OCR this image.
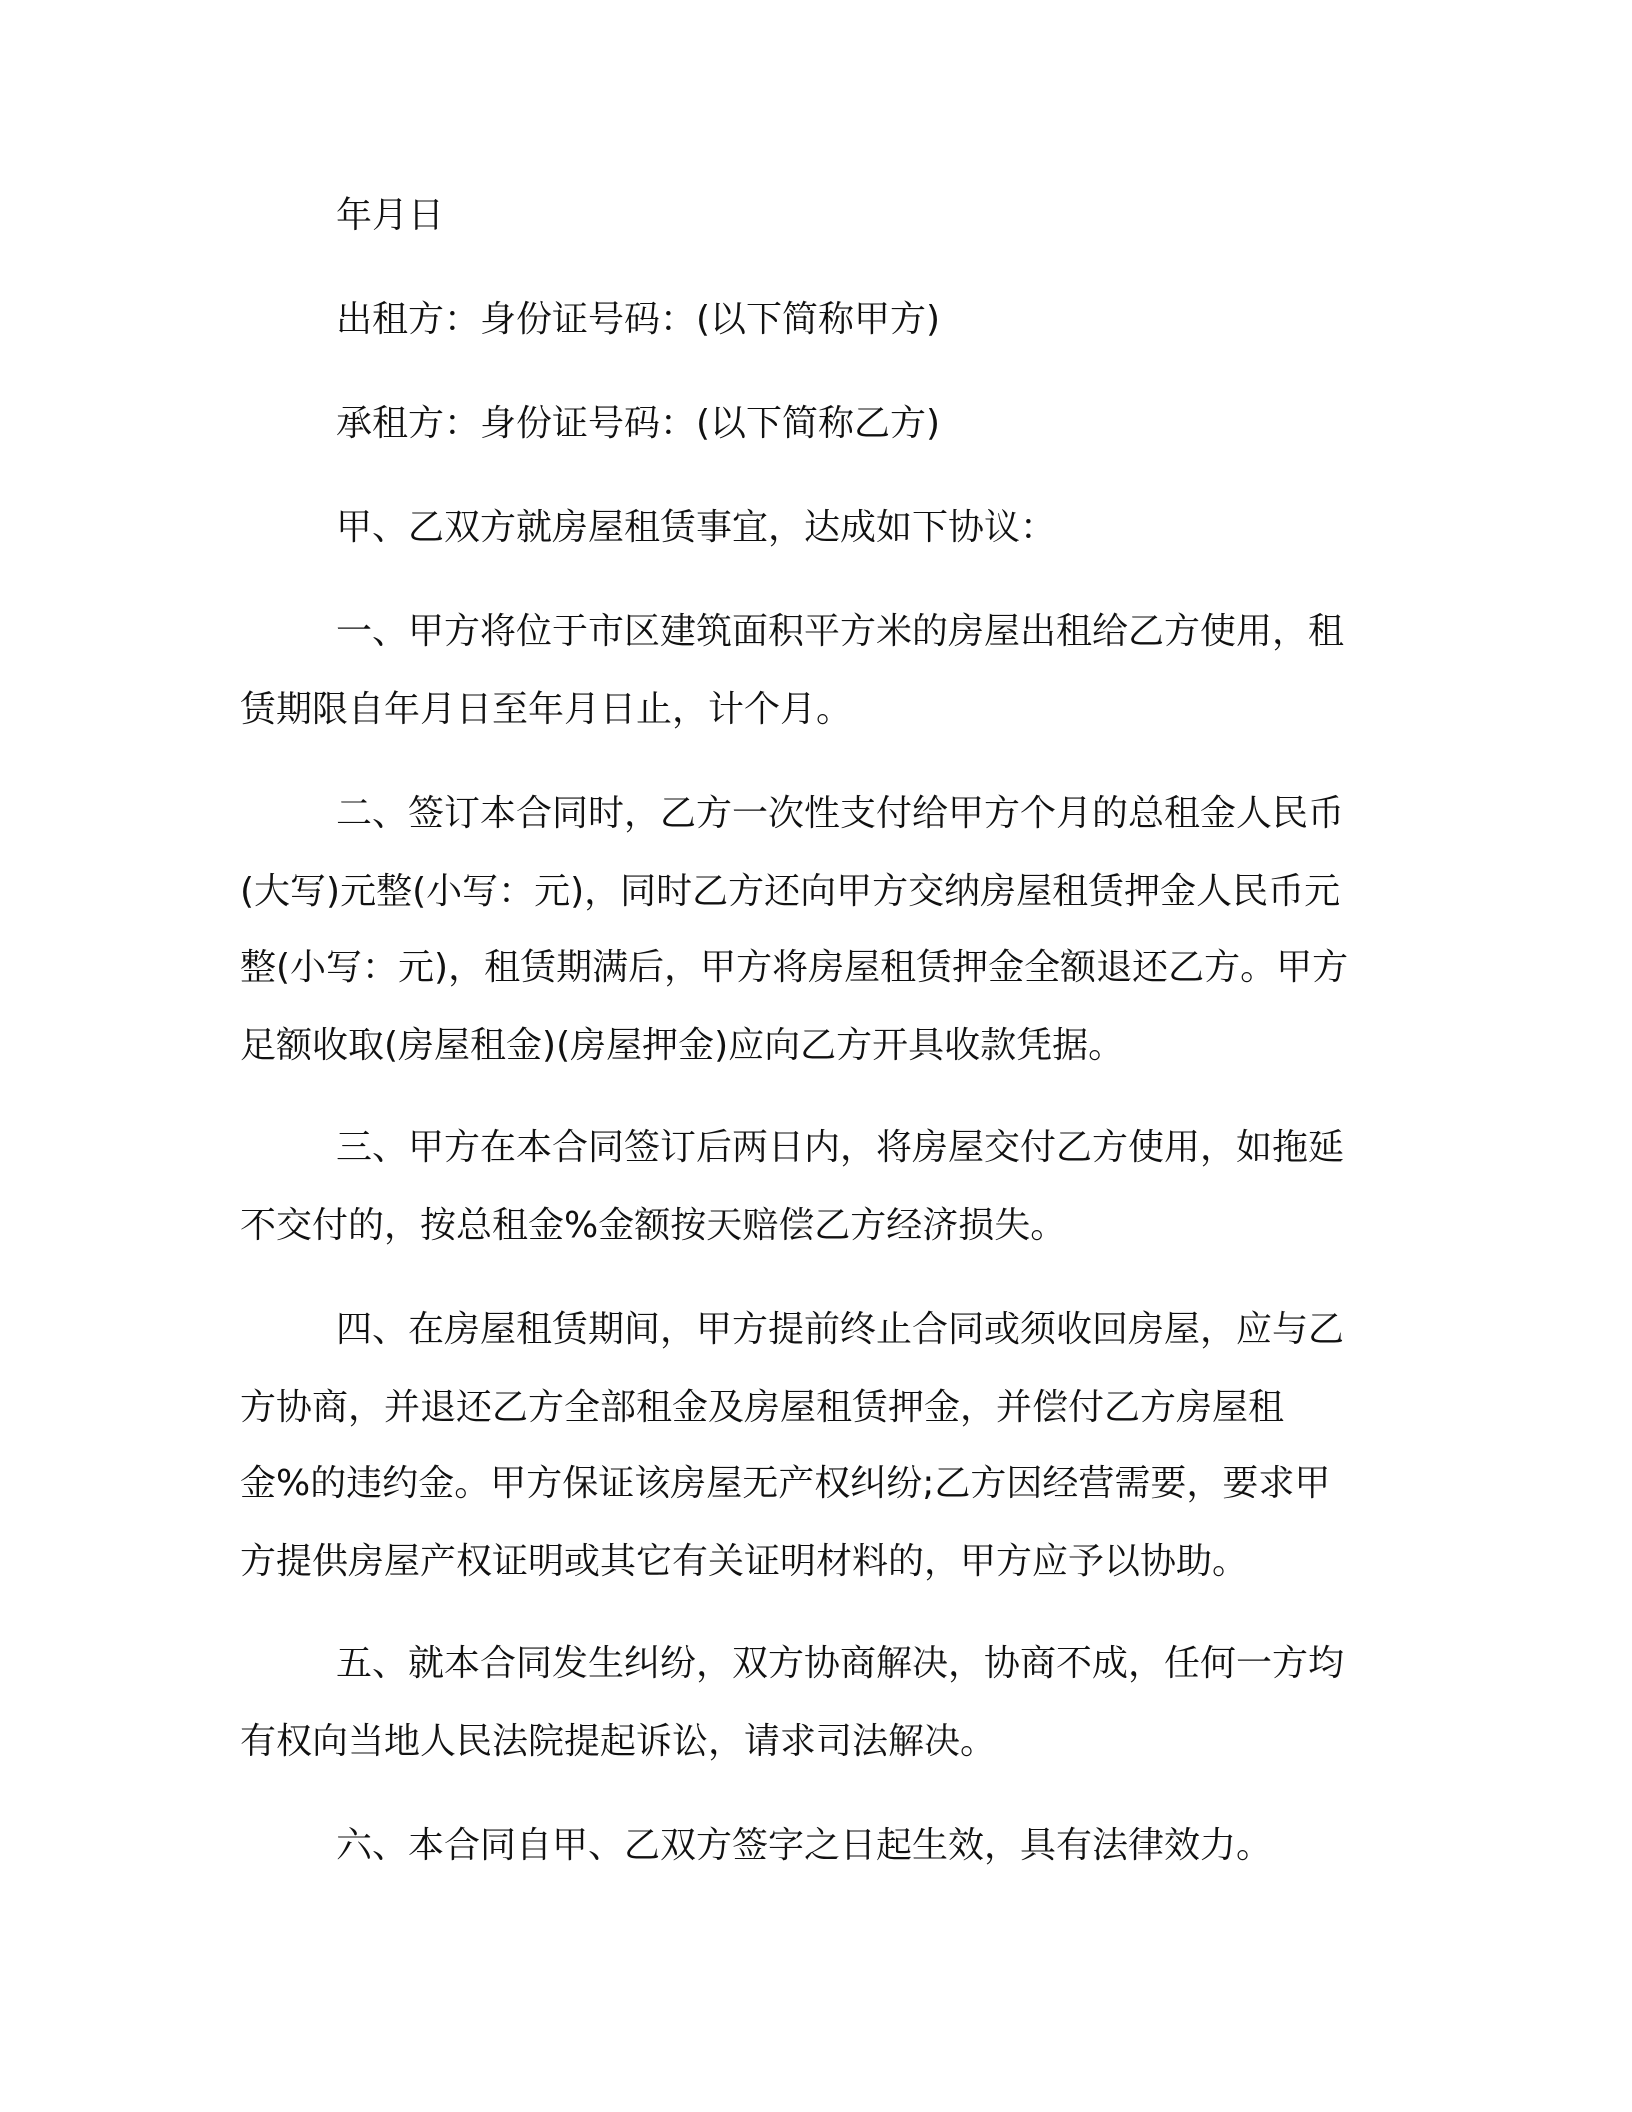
年月日
出租方：身份证号码：(以下简称甲方)
承租方：身份证号码：(以下简称乙方)
甲、乙双方就房屋租赁事宜，达成如下协议：
一、甲方将位于市区建筑面积平方米的房屋出租给乙方使用，租
赁期限自年月日至年月日止，计个月。
二、签订本合同时，乙方一次性支付给甲方个月的总租金人民币
(大写)元整(小写：元)，同时乙方还向甲方交纳房屋租赁押金人民币元
整(小写：元)，租赁期满后，甲方将房屋租赁押金全额退还乙方。甲方
足额收取(房屋租金)(房屋押金)应向乙方开具收款凭据。
三、甲方在本合同签订后两日内，将房屋交付乙方使用，如拖延
不交付的，按总租金%金额按天赔偿乙方经济损失。
四、在房屋租赁期间，甲方提前终止合同或须收回房屋，应与乙
方协商，并退还乙方全部租金及房屋租赁押金，并偿付乙方房屋租
金%的违约金。甲方保证该房屋无产权纠纷;乙方因经营需要，要求甲
方提供房屋产权证明或其它有关证明材料的，甲方应予以协助。
五、就本合同发生纠纷，双方协商解决，协商不成，任何一方均
有权向当地人民法院提起诉讼，请求司法解决。
六、本合同自甲、乙双方签字之日起生效，具有法律效力。
